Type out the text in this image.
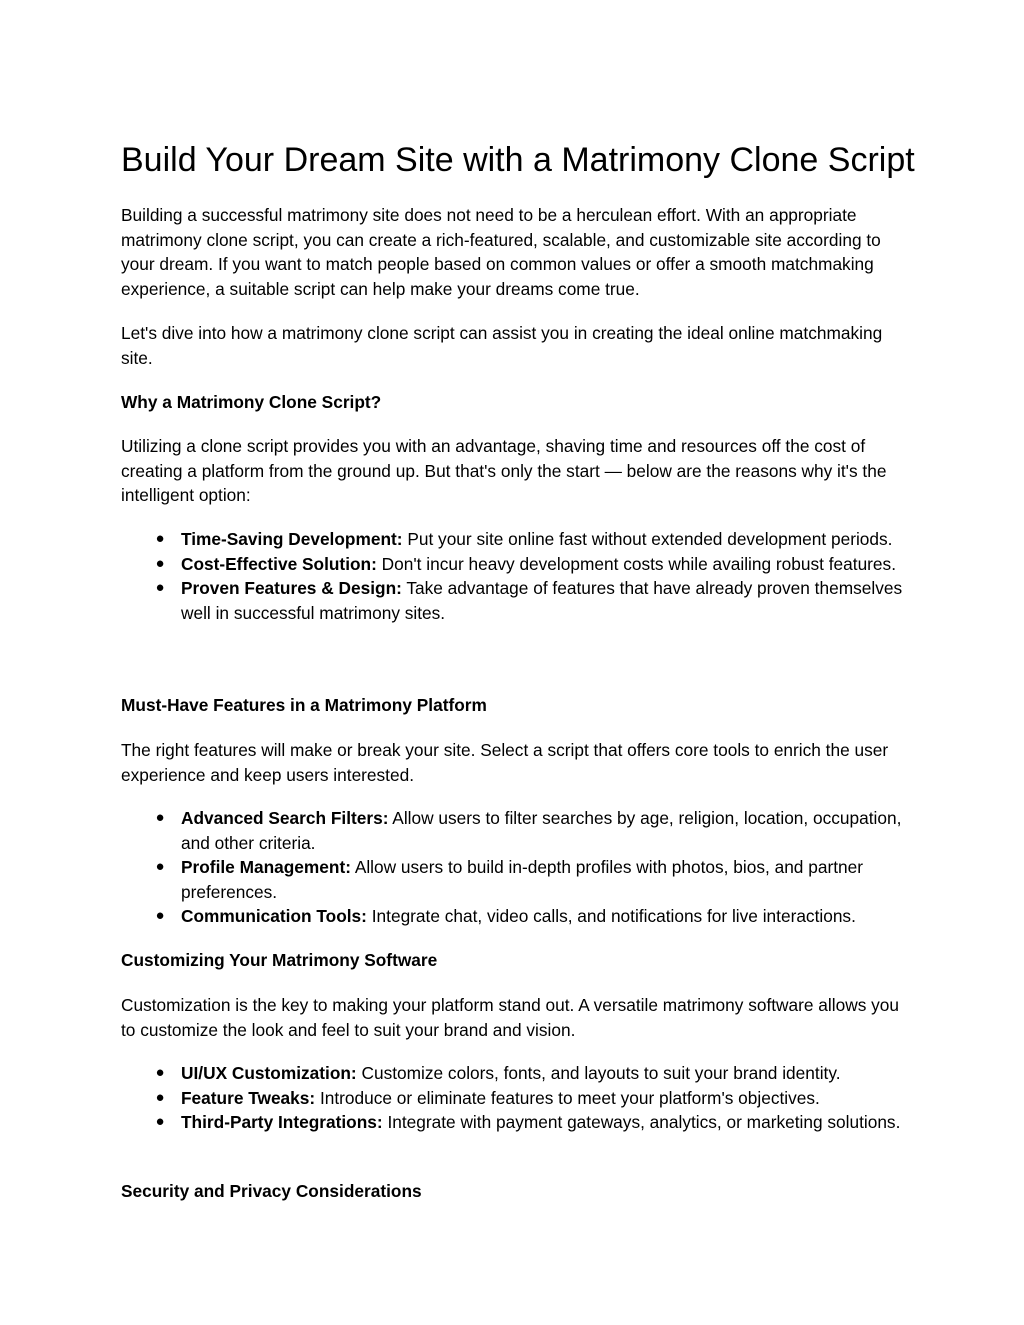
Build Your Dream Site with a Matrimony Clone Script

Building a successful matrimony site does not need to be a herculean effort. With an appropriate matrimony clone script, you can create a rich-featured, scalable, and customizable site according to your dream. If you want to match people based on common values or offer a smooth matchmaking experience, a suitable script can help make your dreams come true.

Let's dive into how a matrimony clone script can assist you in creating the ideal online matchmaking site.

Why a Matrimony Clone Script?

Utilizing a clone script provides you with an advantage, shaving time and resources off the cost of creating a platform from the ground up. But that's only the start — below are the reasons why it's the intelligent option:

● Time-Saving Development: Put your site online fast without extended development periods.
● Cost-Effective Solution: Don't incur heavy development costs while availing robust features.
● Proven Features & Design: Take advantage of features that have already proven themselves well in successful matrimony sites.
Must-Have Features in a Matrimony Platform

The right features will make or break your site. Select a script that offers core tools to enrich the user experience and keep users interested.

● Advanced Search Filters: Allow users to filter searches by age, religion, location, occupation, and other criteria.
● Profile Management: Allow users to build in-depth profiles with photos, bios, and partner preferences.
● Communication Tools: Integrate chat, video calls, and notifications for live interactions.
Customizing Your Matrimony Software

Customization is the key to making your platform stand out. A versatile matrimony software allows you to customize the look and feel to suit your brand and vision.

● UI/UX Customization: Customize colors, fonts, and layouts to suit your brand identity.
● Feature Tweaks: Introduce or eliminate features to meet your platform's objectives.
● Third-Party Integrations: Integrate with payment gateways, analytics, or marketing solutions.
Security and Privacy Considerations
